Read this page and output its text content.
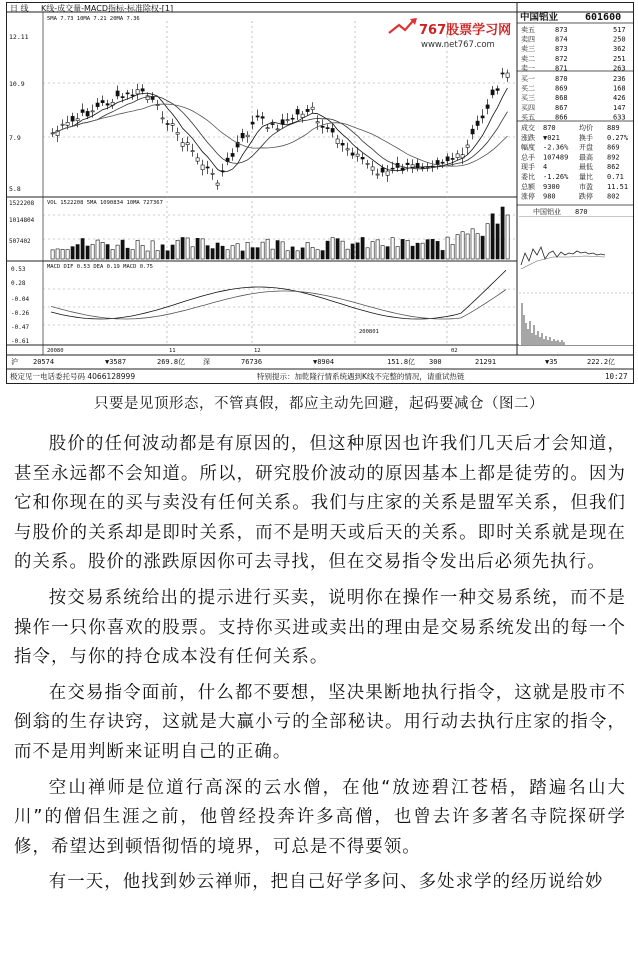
日 线 K线-成交量-MACD指标-标准除权-[1]
5MA 7.73 10MA 7.21 20MA 7.36
767股票学习网
www.net767.com
12.11
10.9
7.9
5.8
VOL 1522208 5MA 1090834 10MA 727367
1522208
1014804
507402
MACD DIF 0.53 DEA 0.19 MACD 0.75
0.53
0.28
-0.04
-0.26
-0.47
-0.61
20080	11	12
200801
02
沪 20574	▼3587	269.8亿	深	76736	▼8904	151.8亿 300	21291	▼35	222.2亿
极定见一电话委托号码 4066128999	特别提示：加乾隆行情系统遇到K线不完整的情况，请重试热链	10:27
中国铝业	601600
卖五	873	517
卖四	874	250
卖三	873	362
卖二	872	251
卖一	871	263
买一	870	236
买二	869	168
买三	868	426
买四	867	147
买五	866	633
成交 870	均价 889
涨跌 ▼021	换手 0.27%
幅度 -2.36% 开盘 869
总手 107489 最高 892
现手 4	最低 862
委比 -1.26% 量比 0.71
总额 9300	市盈 11.51
涨停 980	跌停 802
中国铝业 870
只要是见顶形态，不管真假，都应主动先回避，起码要减仓（图二）

股价的任何波动都是有原因的，但这种原因也许我们几天后才会知道，甚至永远都不会知道。所以，研究股价波动的原因基本上都是徒劳的。因为它和你现在的买与卖没有任何关系。我们与庄家的关系是盟军关系，但我们与股价的关系却是即时关系，而不是明天或后天的关系。即时关系就是现在的关系。股价的涨跌原因你可去寻找，但在交易指令发出后必须先执行。

按交易系统给出的提示进行买卖，说明你在操作一种交易系统，而不是操作一只你喜欢的股票。支持你买进或卖出的理由是交易系统发出的每一个指令，与你的持仓成本没有任何关系。

在交易指令面前，什么都不要想，坚决果断地执行指令，这就是股市不倒翁的生存诀窍，这就是大赢小亏的全部秘诀。用行动去执行庄家的指令，而不是用判断来证明自己的正确。

空山禅师是位道行高深的云水僧，在他“放迹碧江苍梧，踏遍名山大川”的僧侣生涯之前，他曾经投奔许多高僧，也曾去许多著名寺院探研学修，希望达到顿悟彻悟的境界，可总是不得要领。

有一天，他找到妙云禅师，把自己好学多问、多处求学的经历说给妙
